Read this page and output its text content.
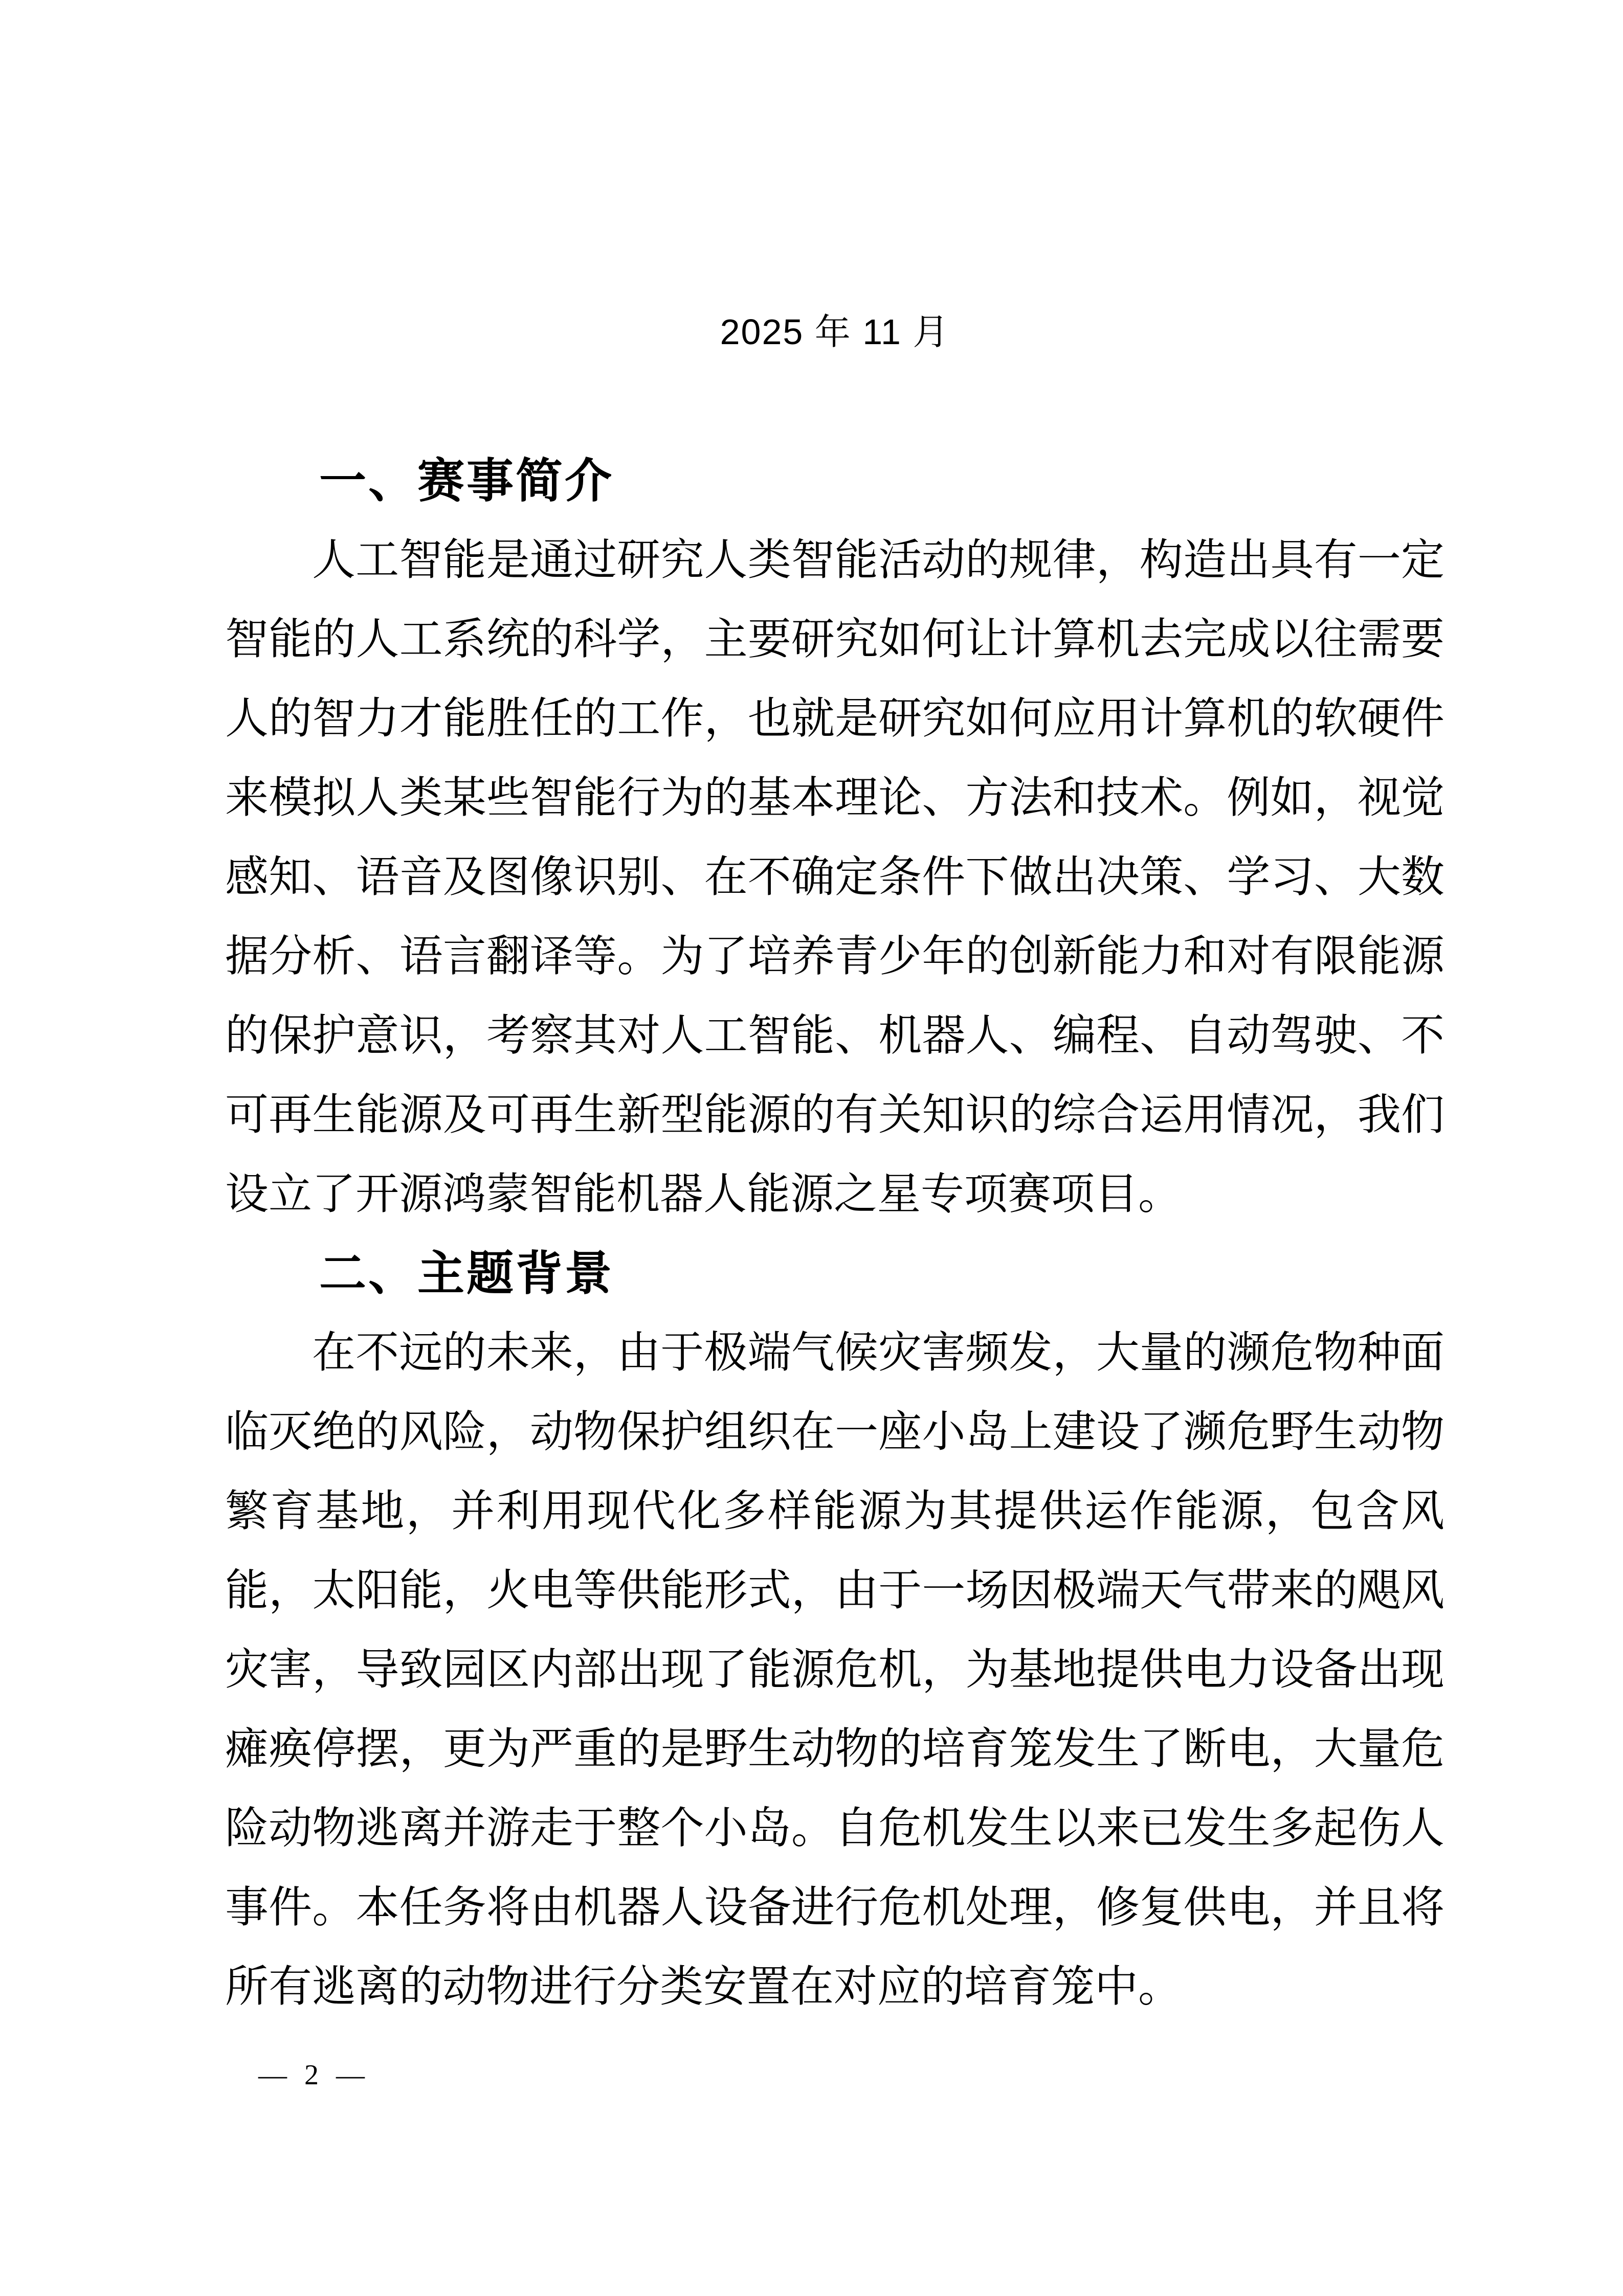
2025 年 11 月
一、赛事简介

人工智能是通过研究人类智能活动的规律，构造出具有一定智能的人工系统的科学，主要研究如何让计算机去完成以往需要人的智力才能胜任的工作，也就是研究如何应用计算机的软硬件来模拟人类某些智能行为的基本理论、方法和技术。例如，视觉感知、语音及图像识别、在不确定条件下做出决策、学习、大数据分析、语言翻译等。为了培养青少年的创新能力和对有限能源的保护意识，考察其对人工智能、机器人、编程、自动驾驶、不可再生能源及可再生新型能源的有关知识的综合运用情况，我们设立了开源鸿蒙智能机器人能源之星专项赛项目。

二、主题背景

在不远的未来，由于极端气候灾害频发，大量的濒危物种面临灭绝的风险，动物保护组织在一座小岛上建设了濒危野生动物繁育基地，并利用现代化多样能源为其提供运作能源，包含风能，太阳能，火电等供能形式，由于一场因极端天气带来的飓风灾害，导致园区内部出现了能源危机，为基地提供电力设备出现瘫痪停摆，更为严重的是野生动物的培育笼发生了断电，大量危险动物逃离并游走于整个小岛。自危机发生以来已发生多起伤人事件。本任务将由机器人设备进行危机处理，修复供电，并且将所有逃离的动物进行分类安置在对应的培育笼中。

— 2 —
